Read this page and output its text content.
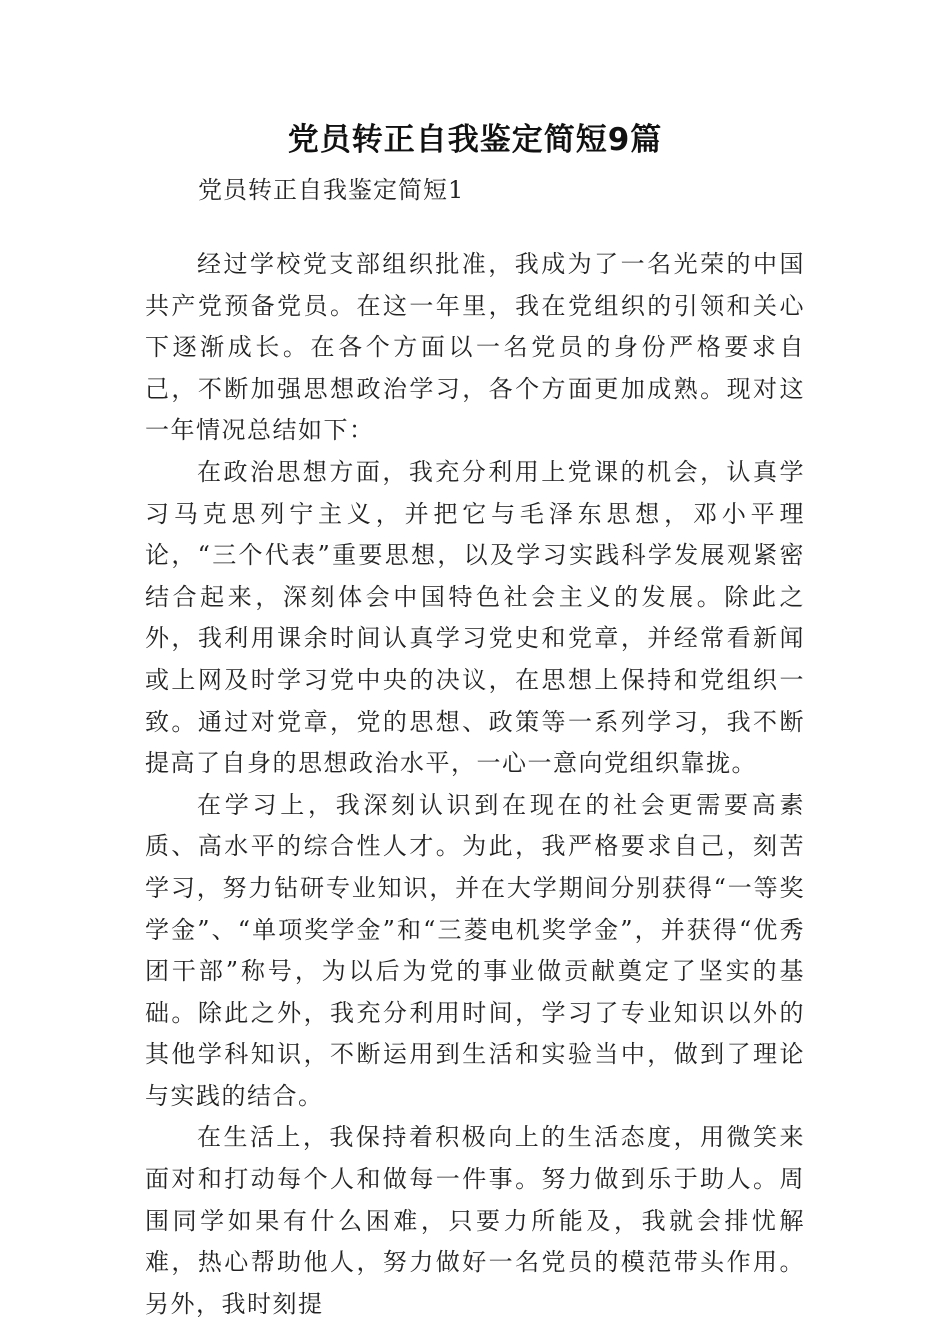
党员转正自我鉴定简短9篇
党员转正自我鉴定简短1

经过学校党支部组织批准，我成为了一名光荣的中国共产党预备党员。在这一年里，我在党组织的引领和关心下逐渐成长。在各个方面以一名党员的身份严格要求自己，不断加强思想政治学习，各个方面更加成熟。现对这一年情况总结如下：

在政治思想方面，我充分利用上党课的机会，认真学习马克思列宁主义，并把它与毛泽东思想，邓小平理论，“三个代表”重要思想，以及学习实践科学发展观紧密结合起来，深刻体会中国特色社会主义的发展。除此之外，我利用课余时间认真学习党史和党章，并经常看新闻或上网及时学习党中央的决议，在思想上保持和党组织一致。通过对党章，党的思想、政策等一系列学习，我不断提高了自身的思想政治水平，一心一意向党组织靠拢。

在学习上，我深刻认识到在现在的社会更需要高素质、高水平的综合性人才。为此，我严格要求自己，刻苦学习，努力钻研专业知识，并在大学期间分别获得“一等奖学金”、“单项奖学金”和“三菱电机奖学金”，并获得“优秀团干部”称号，为以后为党的事业做贡献奠定了坚实的基础。除此之外，我充分利用时间，学习了专业知识以外的其他学科知识，不断运用到生活和实验当中，做到了理论与实践的结合。

在生活上，我保持着积极向上的生活态度，用微笑来面对和打动每个人和做每一件事。努力做到乐于助人。周围同学如果有什么困难，只要力所能及，我就会排忧解难，热心帮助他人，努力做好一名党员的模范带头作用。另外，我时刻提
